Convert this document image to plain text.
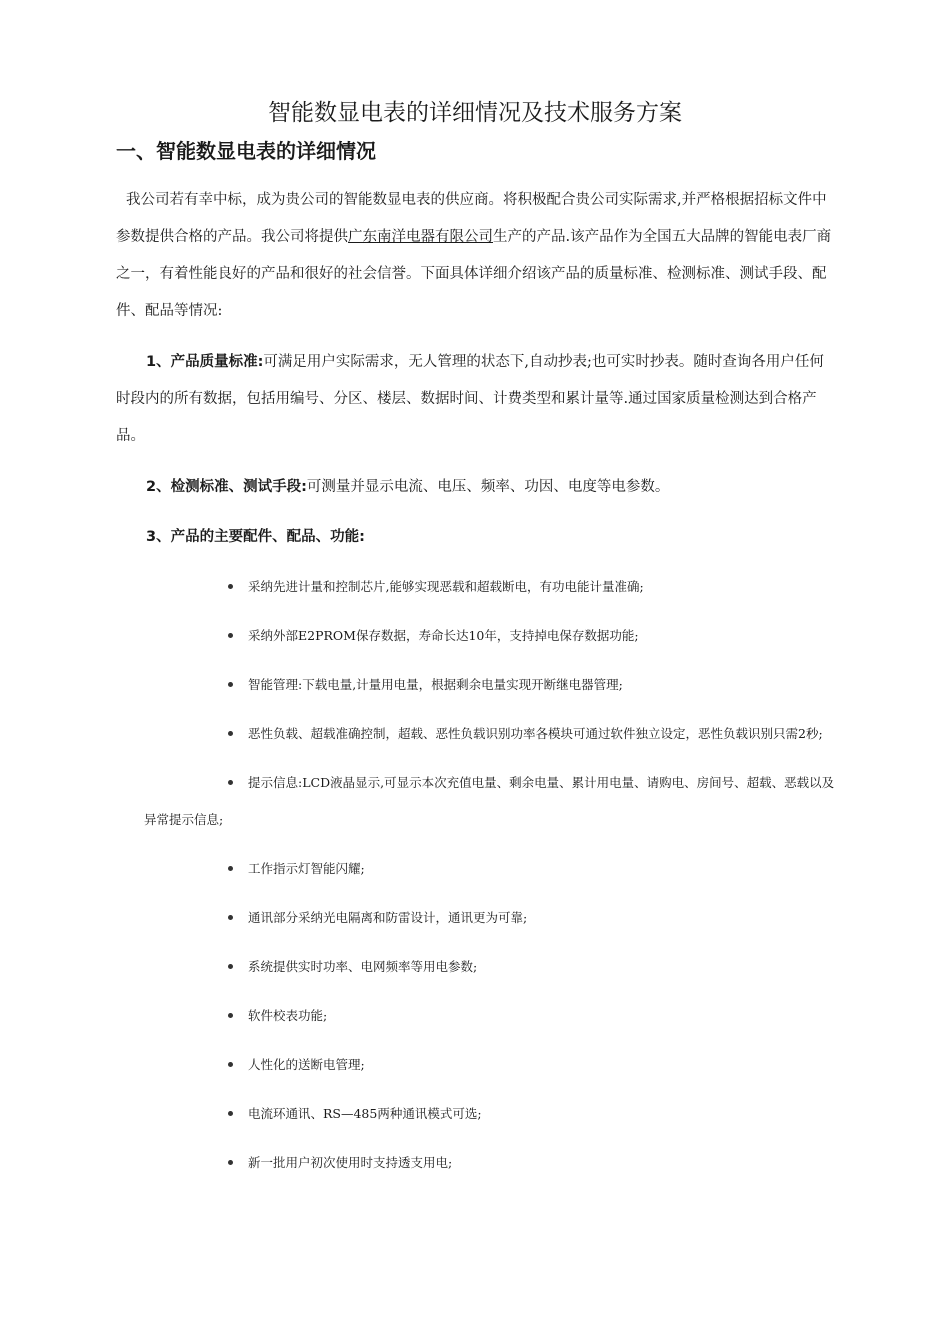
智能数显电表的详细情况及技术服务方案
一、智能数显电表的详细情况

我公司若有幸中标，成为贵公司的智能数显电表的供应商。将积极配合贵公司实际需求,并严格根据招标文件中参数提供合格的产品。我公司将提供广东南洋电器有限公司生产的产品.该产品作为全国五大品牌的智能电表厂商之一，有着性能良好的产品和很好的社会信誉。下面具体详细介绍该产品的质量标准、检测标准、测试手段、配件、配品等情况:

1、产品质量标准:可满足用户实际需求，无人管理的状态下,自动抄表;也可实时抄表。随时查询各用户任何时段内的所有数据，包括用编号、分区、楼层、数据时间、计费类型和累计量等.通过国家质量检测达到合格产品。

2、检测标准、测试手段:可测量并显示电流、电压、频率、功因、电度等电参数。

3、产品的主要配件、配品、功能:

采纳先进计量和控制芯片,能够实现恶载和超载断电，有功电能计量准确;
采纳外部E2PROM保存数据，寿命长达10年，支持掉电保存数据功能;
智能管理:下载电量,计量用电量，根据剩余电量实现开断继电器管理;
恶性负载、超载准确控制，超载、恶性负载识别功率各模块可通过软件独立设定，恶性负载识别只需2秒;
提示信息:LCD液晶显示,可显示本次充值电量、剩余电量、累计用电量、请购电、房间号、超载、恶载以及异常提示信息;
工作指示灯智能闪耀;
通讯部分采纳光电隔离和防雷设计，通讯更为可靠;
系统提供实时功率、电网频率等用电参数;
软件校表功能;
人性化的送断电管理;
电流环通讯、RS—485两种通讯模式可选;
新一批用户初次使用时支持透支用电;
